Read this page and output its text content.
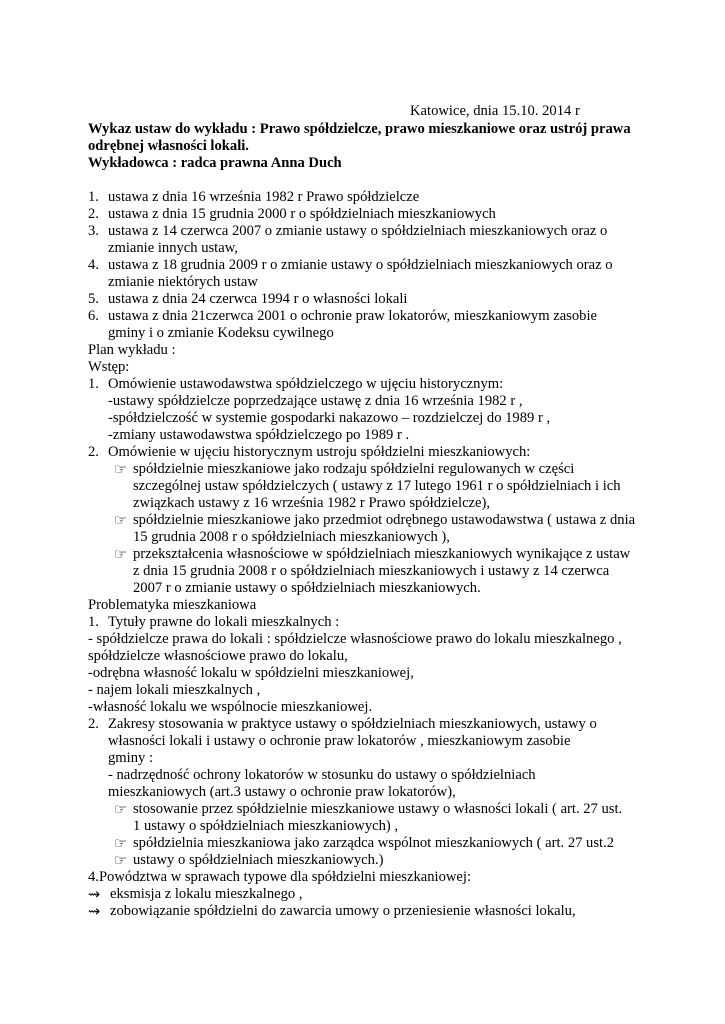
Katowice, dnia 15.10. 2014 r
Wykaz ustaw do wykładu : Prawo spółdzielcze, prawo mieszkaniowe oraz ustrój prawa
odrębnej własności lokali.
Wykładowca : radca prawna Anna Duch
1. ustawa z dnia 16 września 1982 r Prawo spółdzielcze
2. ustawa z dnia 15 grudnia 2000 r o spółdzielniach mieszkaniowych
3. ustawa z 14 czerwca 2007 o zmianie ustawy o spółdzielniach mieszkaniowych oraz o
zmianie innych ustaw,
4. ustawa z 18 grudnia 2009 r o zmianie ustawy o spółdzielniach mieszkaniowych oraz o
zmianie niektórych ustaw
5. ustawa z dnia 24 czerwca 1994 r o własności lokali
6. ustawa z dnia 21czerwca 2001 o ochronie praw lokatorów, mieszkaniowym zasobie
gminy i o zmianie Kodeksu cywilnego
Plan wykładu :
Wstęp:
1. Omówienie ustawodawstwa spółdzielczego w ujęciu historycznym:
-ustawy spółdzielcze poprzedzające ustawę z dnia 16 września 1982 r ,
-spółdzielczość w systemie gospodarki nakazowo – rozdzielczej do 1989 r ,
-zmiany ustawodawstwa spółdzielczego po 1989 r .
2. Omówienie w ujęciu historycznym ustroju spółdzielni mieszkaniowych:
☞ spółdzielnie mieszkaniowe jako rodzaju spółdzielni regulowanych w części
szczególnej ustaw spółdzielczych ( ustawy z 17 lutego 1961 r o spółdzielniach i ich
związkach ustawy z 16 września 1982 r Prawo spółdzielcze),
☞ spółdzielnie mieszkaniowe jako przedmiot odrębnego ustawodawstwa ( ustawa z dnia
15 grudnia 2008 r o spółdzielniach mieszkaniowych ),
☞ przekształcenia własnościowe w spółdzielniach mieszkaniowych wynikające z ustaw
z dnia 15 grudnia 2008 r o spółdzielniach mieszkaniowych i ustawy z 14 czerwca
2007 r o zmianie ustawy o spółdzielniach mieszkaniowych.
Problematyka mieszkaniowa
1. Tytuły prawne do lokali mieszkalnych :
- spółdzielcze prawa do lokali : spółdzielcze własnościowe prawo do lokalu mieszkalnego ,
spółdzielcze własnościowe prawo do lokalu,
-odrębna własność lokalu w spółdzielni mieszkaniowej,
- najem lokali mieszkalnych ,
-własność lokalu we wspólnocie mieszkaniowej.
2. Zakresy stosowania w praktyce ustawy o spółdzielniach mieszkaniowych, ustawy o
własności lokali i ustawy o ochronie praw lokatorów , mieszkaniowym zasobie
gminy :
- nadrzędność ochrony lokatorów w stosunku do ustawy o spółdzielniach
mieszkaniowych (art.3 ustawy o ochronie praw lokatorów),
☞ stosowanie przez spółdzielnie mieszkaniowe ustawy o własności lokali ( art. 27 ust.
1 ustawy o spółdzielniach mieszkaniowych) ,
☞ spółdzielnia mieszkaniowa jako zarządca wspólnot mieszkaniowych ( art. 27 ust.2
☞ ustawy o spółdzielniach mieszkaniowych.)
4.Powództwa w sprawach typowe dla spółdzielni mieszkaniowej:
⇝ eksmisja z lokalu mieszkalnego ,
⇝ zobowiązanie spółdzielni do zawarcia umowy o przeniesienie własności lokalu,
